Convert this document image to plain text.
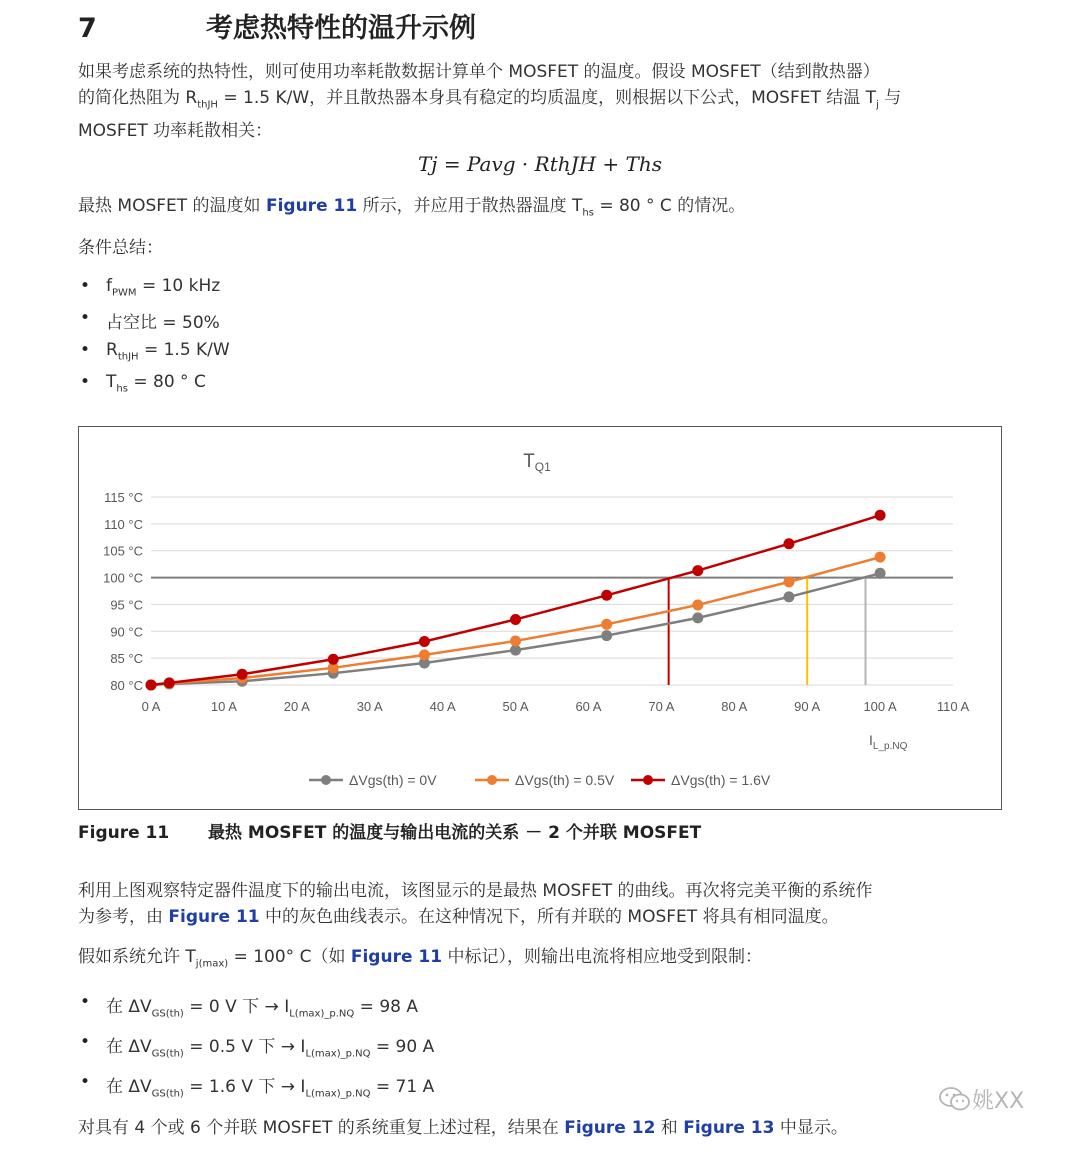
7	考虑热特性的温升示例
如果考虑系统的热特性，则可使用功率耗散数据计算单个 MOSFET 的温度。假设 MOSFET（结到散热器）
的简化热阻为 $R_{thJH} = 1.5$ K/W，并且散热器本身具有稳定的均质温度，则根据以下公式，MOSFET 结温 $T_j$ 与
MOSFET 功率耗散相关：
Tj = Pavg · RthJH + Ths
最热 MOSFET 的温度如 Figure 11 所示，并应用于散热器温度 $T_{hs} = 80$ ° C 的情况。
条件总结：
• $f_{PWM} = 10$ kHz
• 占空比 = 50%
• $R_{thJH} = 1.5$ K/W
• $T_{hs} = 80$ ° C
80 °C
85 °C
90 °C
95 °C
100 °C
105 °C
110 °C
115 °C
0 A	10 A	20 A	30 A	40 A	50 A	60 A	70 A	80 A	90 A	100 A	110 A
$T_{Q1}$
$I_{L\_p.NQ}$
ΔVgs(th) = 0V	ΔVgs(th) = 0.5V	ΔVgs(th) = 1.6V
Figure 11 最热 MOSFET 的温度与输出电流的关系 － 2 个并联 MOSFET
利用上图观察特定器件温度下的输出电流，该图显示的是最热 MOSFET 的曲线。再次将完美平衡的系统作
为参考，由 Figure 11 中的灰色曲线表示。在这种情况下，所有并联的 MOSFET 将具有相同温度。
假如系统允许 $T_{j(max)} = 100^\circ$ C（如 Figure 11 中标记），则输出电流将相应地受到限制：
• 在 $\Delta V_{GS(th)} = 0$ V 下 → $I_{L(max)\_p.NQ} = 98$ A
• 在 $\Delta V_{GS(th)} = 0.5$ V 下 → $I_{L(max)\_p.NQ} = 90$ A
• 在 $\Delta V_{GS(th)} = 1.6$ V 下 → $I_{L(max)\_p.NQ} = 71$ A
姚XX
对具有 4 个或 6 个并联 MOSFET 的系统重复上述过程，结果在 Figure 12 和 Figure 13 中显示。
